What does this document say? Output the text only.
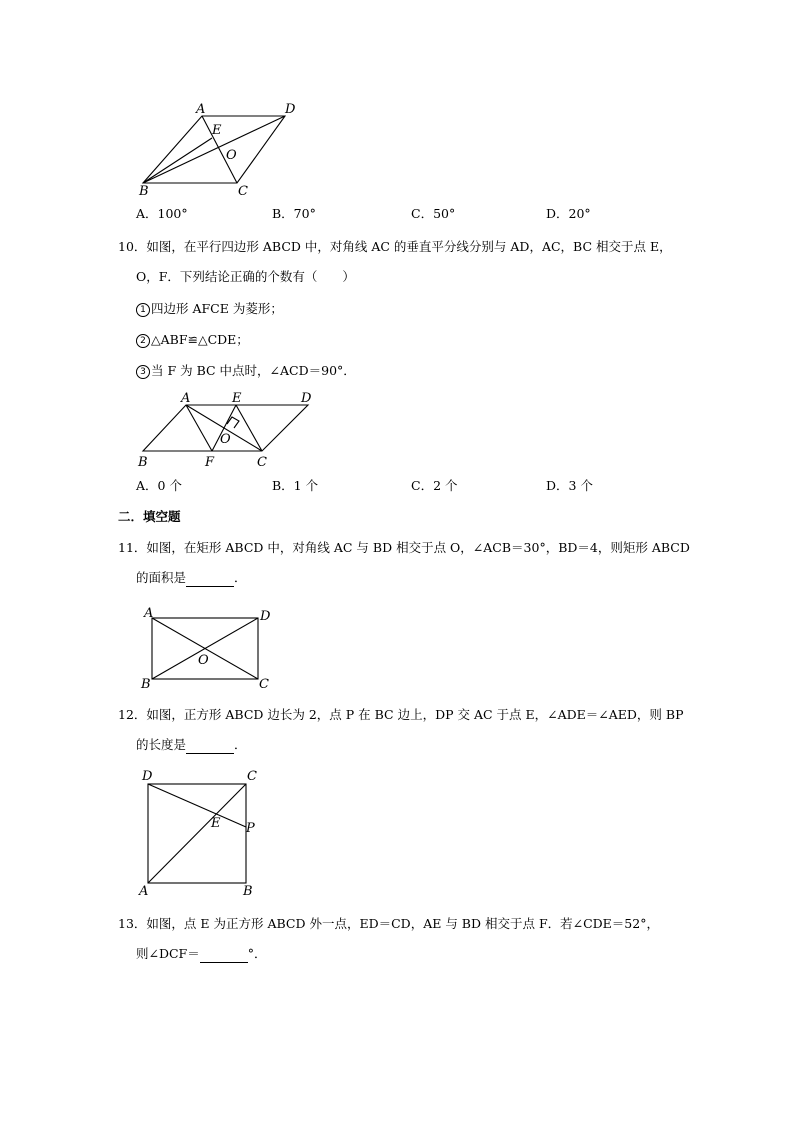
A	D
E
O
B	C
A．100°	B．70°	C．50°	D．20°
10．如图，在平行四边形 ABCD 中，对角线 AC 的垂直平分线分别与 AD，AC，BC 相交于点 E，
O，F．下列结论正确的个数有（　　）
1 四边形 AFCE 为菱形；
2 △ABF≌△CDE；
3 当 F 为 BC 中点时，∠ACD＝90°．
A	E	D
O
B	F	C
A．0 个	B．1 个	C．2 个	D．3 个
二．填空题
11．如图，在矩形 ABCD 中，对角线 AC 与 BD 相交于点 O，∠ACB＝30°，BD＝4，则矩形 ABCD
的面积是	．
A	D
O
B	C
12．如图，正方形 ABCD 边长为 2，点 P 在 BC 边上，DP 交 AC 于点 E，∠ADE＝∠AED，则 BP
的长度是	．
D	C
E P
A	B
13．如图，点 E 为正方形 ABCD 外一点，ED＝CD，AE 与 BD 相交于点 F．若∠CDE＝52°，
则∠DCF＝	°．
